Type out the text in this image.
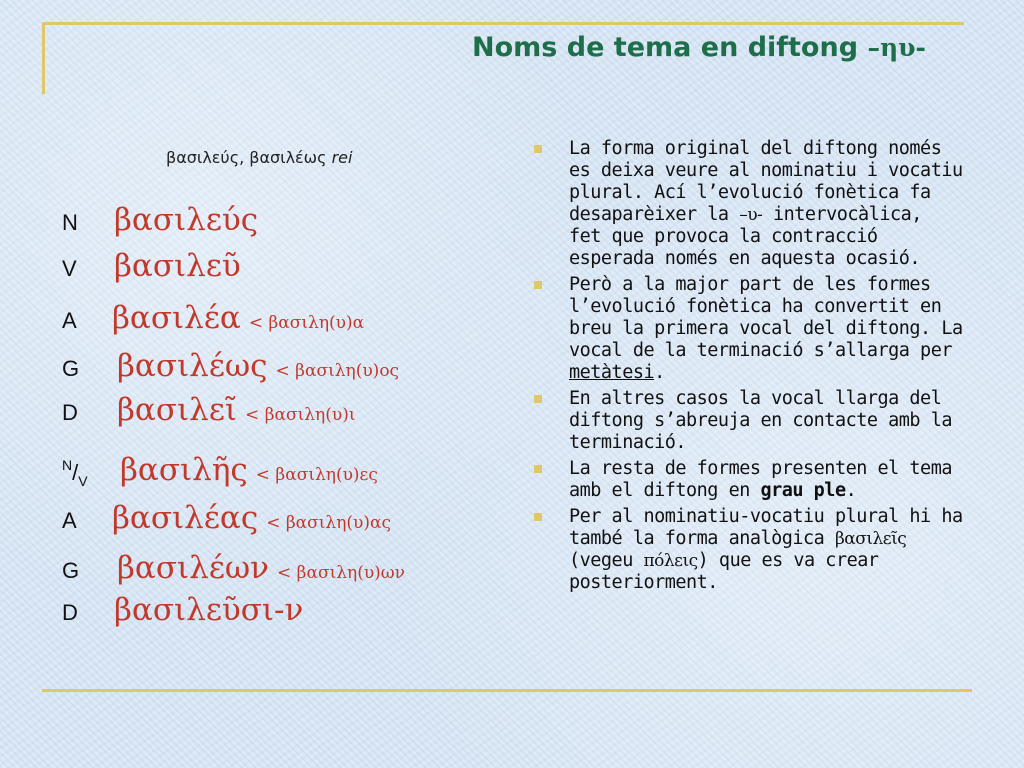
Noms de tema en diftong –ηυ-
βασιλεύς, βασιλέως rei
N	βασιλεύς
V	βασιλεῦ
A	βασιλέα < βασιλη(υ)α
G	βασιλέως < βασιλη(υ)ος
D	βασιλεῖ < βασιλη(υ)ι
$^N/_V$	βασιλῆς < βασιλη(υ)ες
A	βασιλέας < βασιλη(υ)ας
G	βασιλέων < βασιλη(υ)ων
D	βασιλεῦσι-ν
La forma original del diftong només es deixa veure al nominatiu i vocatiu plural. Ací l’evolució fonètica fa desaparèixer la –υ- intervocàlica, fet que provoca la contracció esperada només en aquesta ocasió.
Però a la major part de les formes l’evolució fonètica ha convertit en breu la primera vocal del diftong. La vocal de la terminació s’allarga per metàtesi.
En altres casos la vocal llarga del diftong s’abreuja en contacte amb la terminació.
La resta de formes presenten el tema amb el diftong en grau ple.
Per al nominatiu-vocatiu plural hi ha també la forma analògica βασιλεῖς (vegeu πόλεις) que es va crear posteriorment.
